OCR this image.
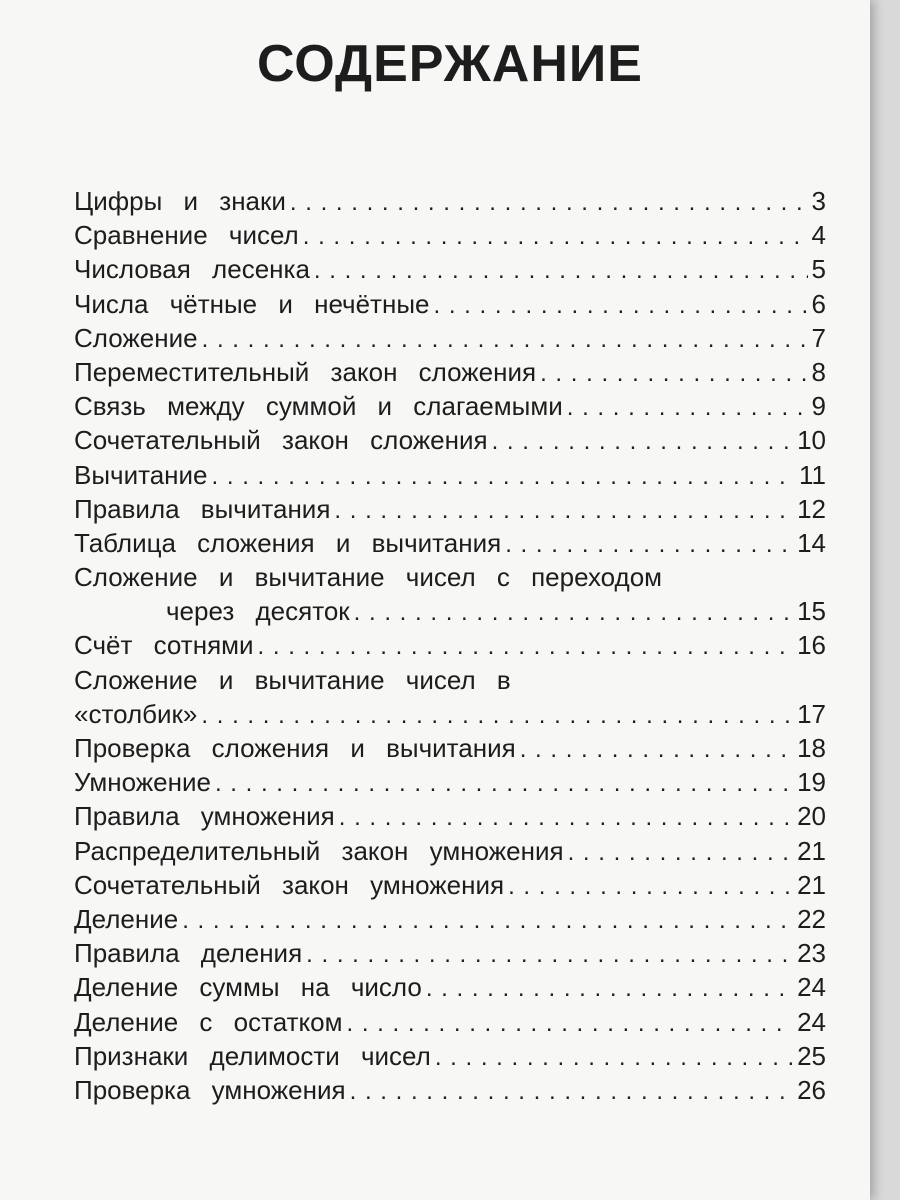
СОДЕРЖАНИЕ
Цифры и знаки . . .	3
Сравнение чисел . . .	4
Числовая лесенка . . .	5
Числа чётные и нечётные . . .	6
Сложение . . .	7
Переместительный закон сложения . . .	8
Связь между суммой и слагаемыми . . .	9
Сочетательный закон сложения . . .	10
Вычитание . . .	11
Правила вычитания . . .	12
Таблица сложения и вычитания . . .	14
Сложение и вычитание чисел с переходом
через десяток . . .	15
Счёт сотнями . . .	16
Сложение и вычитание чисел в
«столбик» . . .	17
Проверка сложения и вычитания . . .	18
Умножение . . .	19
Правила умножения . . .	20
Распределительный закон умножения . . .	21
Сочетательный закон умножения . . .	21
Деление . . .	22
Правила деления . . .	23
Деление суммы на число . . .	24
Деление с остатком . . .	24
Признаки делимости чисел . . .	25
Проверка умножения . . .	26
